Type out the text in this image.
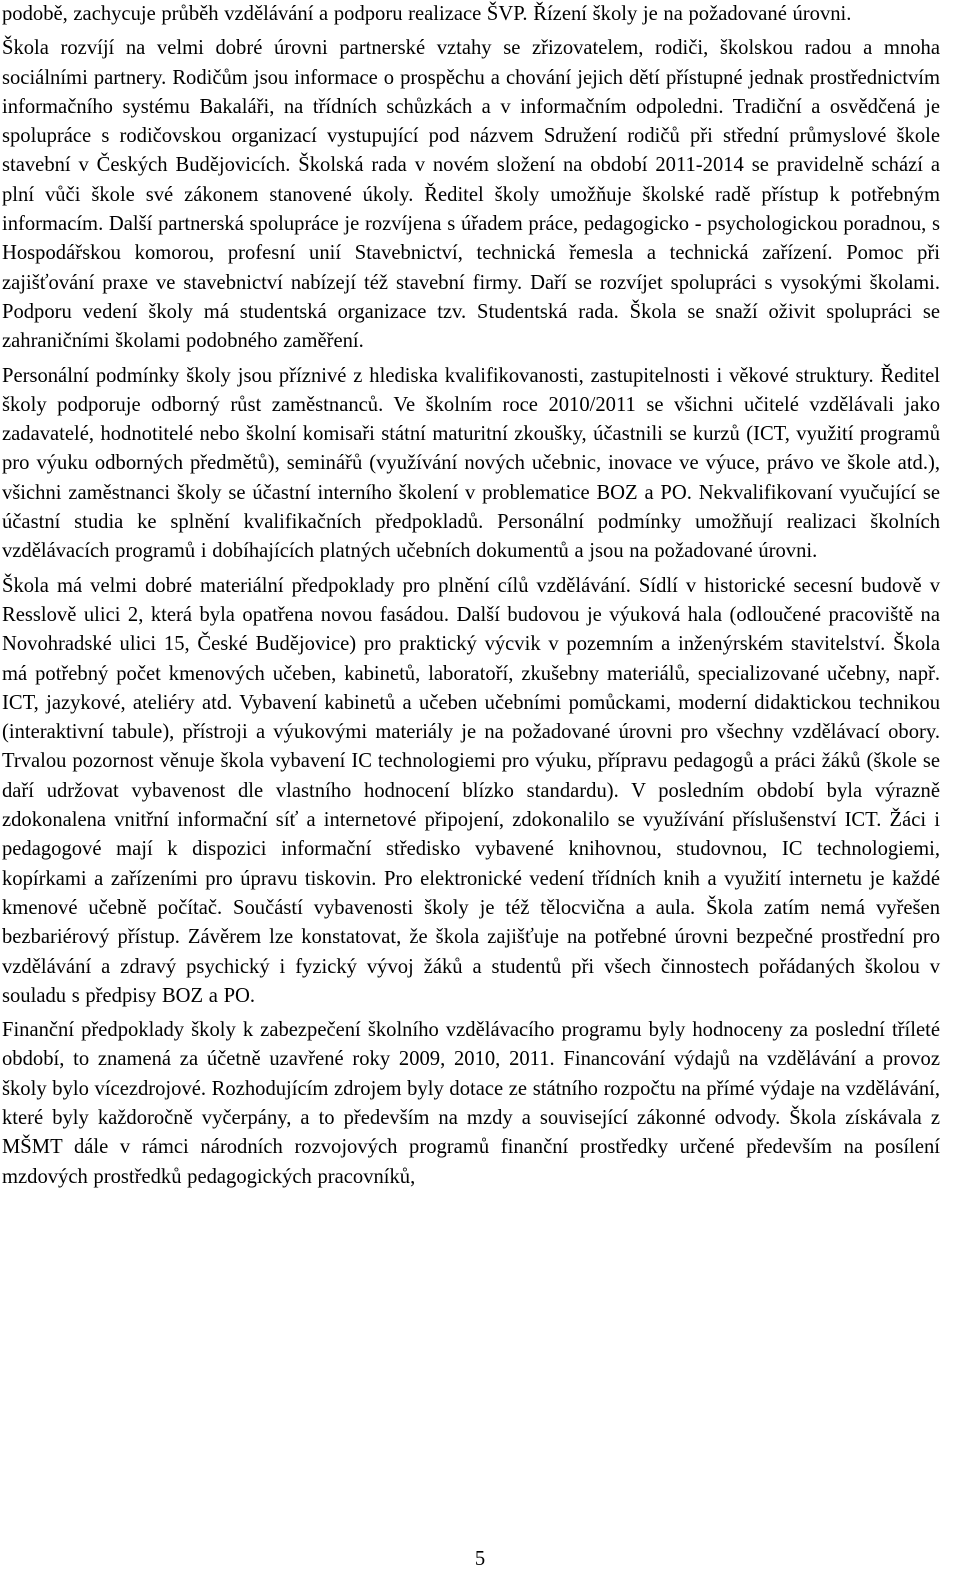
podobě, zachycuje průběh vzdělávání a podporu realizace ŠVP. Řízení školy je na požadované úrovni.

Škola rozvíjí na velmi dobré úrovni partnerské vztahy se zřizovatelem, rodiči, školskou radou a mnoha sociálními partnery. Rodičům jsou informace o prospěchu a chování jejich dětí přístupné jednak prostřednictvím informačního systému Bakaláři, na třídních schůzkách a v informačním odpoledni. Tradiční a osvědčená je spolupráce s rodičovskou organizací vystupující pod názvem Sdružení rodičů při střední průmyslové škole stavební v Českých Budějovicích. Školská rada v novém složení na období 2011-2014 se pravidelně schází a plní vůči škole své zákonem stanovené úkoly. Ředitel školy umožňuje školské radě přístup k potřebným informacím. Další partnerská spolupráce je rozvíjena s úřadem práce, pedagogicko - psychologickou poradnou, s Hospodářskou komorou, profesní unií Stavebnictví, technická řemesla a technická zařízení. Pomoc při zajišťování praxe ve stavebnictví nabízejí též stavební firmy. Daří se rozvíjet spolupráci s vysokými školami. Podporu vedení školy má studentská organizace tzv. Studentská rada. Škola se snaží oživit spolupráci se zahraničními školami podobného zaměření.

Personální podmínky školy jsou příznivé z hlediska kvalifikovanosti, zastupitelnosti i věkové struktury. Ředitel školy podporuje odborný růst zaměstnanců. Ve školním roce 2010/2011 se všichni učitelé vzdělávali jako zadavatelé, hodnotitelé nebo školní komisaři státní maturitní zkoušky, účastnili se kurzů (ICT, využití programů pro výuku odborných předmětů), seminářů (využívání nových učebnic, inovace ve výuce, právo ve škole atd.), všichni zaměstnanci školy se účastní interního školení v problematice BOZ a PO. Nekvalifikovaní vyučující se účastní studia ke splnění kvalifikačních předpokladů. Personální podmínky umožňují realizaci školních vzdělávacích programů i dobíhajících platných učebních dokumentů a jsou na požadované úrovni.

Škola má velmi dobré materiální předpoklady pro plnění cílů vzdělávání. Sídlí v historické secesní budově v Resslově ulici 2, která byla opatřena novou fasádou. Další budovou je výuková hala (odloučené pracoviště na Novohradské ulici 15, České Budějovice) pro praktický výcvik v pozemním a inženýrském stavitelství. Škola má potřebný počet kmenových učeben, kabinetů, laboratoří, zkušebny materiálů, specializované učebny, např. ICT, jazykové, ateliéry atd. Vybavení kabinetů a učeben učebními pomůckami, moderní didaktickou technikou (interaktivní tabule), přístroji a výukovými materiály je na požadované úrovni pro všechny vzdělávací obory. Trvalou pozornost věnuje škola vybavení IC technologiemi pro výuku, přípravu pedagogů a práci žáků (škole se daří udržovat vybavenost dle vlastního hodnocení blízko standardu). V posledním období byla výrazně zdokonalena vnitřní informační síť a internetové připojení, zdokonalilo se využívání příslušenství ICT. Žáci i pedagogové mají k dispozici informační středisko vybavené knihovnou, studovnou, IC technologiemi, kopírkami a zařízeními pro úpravu tiskovin. Pro elektronické vedení třídních knih a využití internetu je každé kmenové učebně počítač. Součástí vybavenosti školy je též tělocvična a aula. Škola zatím nemá vyřešen bezbariérový přístup. Závěrem lze konstatovat, že škola zajišťuje na potřebné úrovni bezpečné prostřední pro vzdělávání a zdravý psychický i fyzický vývoj žáků a studentů při všech činnostech pořádaných školou v souladu s předpisy BOZ a PO.

Finanční předpoklady školy k zabezpečení školního vzdělávacího programu byly hodnoceny za poslední tříleté období, to znamená za účetně uzavřené roky 2009, 2010, 2011. Financování výdajů na vzdělávání a provoz školy bylo vícezdrojové. Rozhodujícím zdrojem byly dotace ze státního rozpočtu na přímé výdaje na vzdělávání, které byly každoročně vyčerpány, a to především na mzdy a související zákonné odvody. Škola získávala z MŠMT dále v rámci národních rozvojových programů finanční prostředky určené především na posílení mzdových prostředků pedagogických pracovníků,

5
